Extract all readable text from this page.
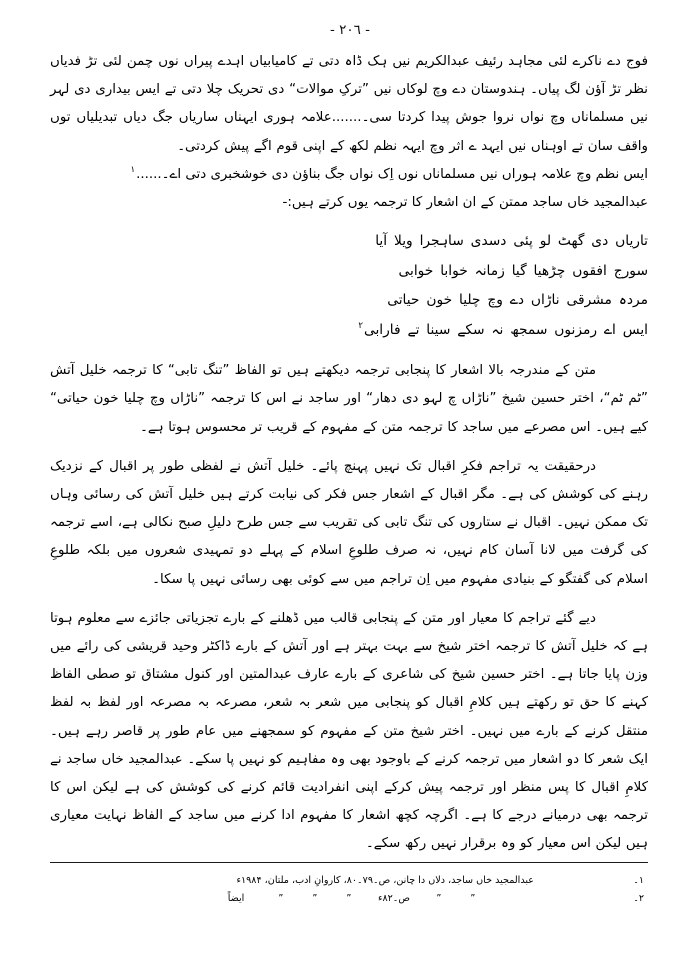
- ٢٠٦ -

فوج دے ناکرے لئی مجاہد رئیف عبدالکریم نیں ہک ڈاہ دتی تے کامیابیاں اہدے پیراں نوں چمن لئی تڑ فدیاں نظر تڑ آؤن لگ پیاں۔ ہندوستان دے وچ لوکاں نیں ”ترکِ موالات“ دی تحریک چلا دتی تے ایس بیداری دی لہر نیں مسلماناں وچ نواں نروا جوش پیدا کردتا سی۔.......علامہ ہوری ایہناں ساریاں جگ دیاں تبدیلیاں توں واقف سان تے اوہناں نیں ایہد ے اثر وچ ایہہ نظم لکھ کے اپنی قوم اگے پیش کردتی۔

ایس نظم وچ علامہ ہوراں نیں مسلماناں نوں اِک نواں جگ بناؤن دی خوشخبری دتی اے۔......$^۱$
عبدالمجید خاں ساجد ممتن کے ان اشعار کا ترجمہ یوں کرتے ہیں:-
تاریاں دی گھٹ لو پئی دسدی ساہجرا ویلا آیا
سورج افقوں چڑھیا گیا زمانہ خوابا خوابی
مردہ مشرقی ناڑاں دے وچ چلیا خون حیاتی
ایس اے رمزنوں سمجھ نہ سکے سینا تے فارابی$^۲$

متن کے مندرجہ بالا اشعار کا پنجابی ترجمہ دیکھتے ہیں تو الفاظ ”تنگ تابی“ کا ترجمہ خلیل آتش ”ٹم ٹم“، اختر حسین شیخ ”ناڑاں چ لہو دی دھار“ اور ساجد نے اس کا ترجمہ ”ناڑاں وچ چلیا خون حیاتی“ کیے ہیں۔ اس مصرعے میں ساجد کا ترجمہ متن کے مفہوم کے قریب تر محسوس ہوتا ہے۔

درحقیقت یہ تراجم فکرِ اقبال تک نہیں پہنچ پائے۔ خلیل آتش نے لفظی طور پر اقبال کے نزدیک رہنے کی کوشش کی ہے۔ مگر اقبال کے اشعار جس فکر کی نیابت کرتے ہیں خلیل آتش کی رسائی وہاں تک ممکن نہیں۔ اقبال نے ستاروں کی تنگ تابی کی تقریب سے جس طرح دلیلِ صبح نکالی ہے، اسے ترجمہ کی گرفت میں لانا آسان کام نہیں، نہ صرف طلوعِ اسلام کے پہلے دو تمہیدی شعروں میں بلکہ طلوعِ اسلام کی گفتگو کے بنیادی مفہوم میں اِن تراجم میں سے کوئی بھی رسائی نہیں پا سکا۔

دیے گئے تراجم کا معیار اور متن کے پنجابی قالب میں ڈھلنے کے بارے تجزیاتی جائزے سے معلوم ہوتا ہے کہ خلیل آتش کا ترجمہ اختر شیخ سے بہت بہتر ہے اور آتش کے بارے ڈاکٹر وحید قریشی کی رائے میں وزن پایا جاتا ہے۔ اختر حسین شیخ کی شاعری کے بارے عارف عبدالمتین اور کنول مشتاق تو صطی الفاظ کہنے کا حق تو رکھتے ہیں کلامِ اقبال کو پنجابی میں شعر بہ شعر، مصرعہ بہ مصرعہ اور لفظ بہ لفظ منتقل کرنے کے بارے میں نہیں۔ اختر شیخ متن کے مفہوم کو سمجھنے میں عام طور پر قاصر رہے ہیں۔ ایک شعر کا دو اشعار میں ترجمہ کرنے کے باوجود بھی وہ مفاہیم کو نہیں پا سکے۔ عبدالمجید خاں ساجد نے کلامِ اقبال کا پس منظر اور ترجمہ پیش کرکے اپنی انفرادیت قائم کرنے کی کوشش کی ہے لیکن اس کا ترجمہ بھی درمیانے درجے کا ہے۔ اگرچہ کچھ اشعار کا مفہوم ادا کرنے میں ساجد کے الفاظ نہایت معیاری ہیں لیکن اس معیار کو وہ برقرار نہیں رکھ سکے۔

۱۔
عبدالمجید خاں ساجد، دلاں دا چانن، ص۔۷۹۔۸۰، کاروانِ ادب، ملتان، ۱۹۸۴ء
۲۔
””ص۔۸۲ء”””ایضاً
